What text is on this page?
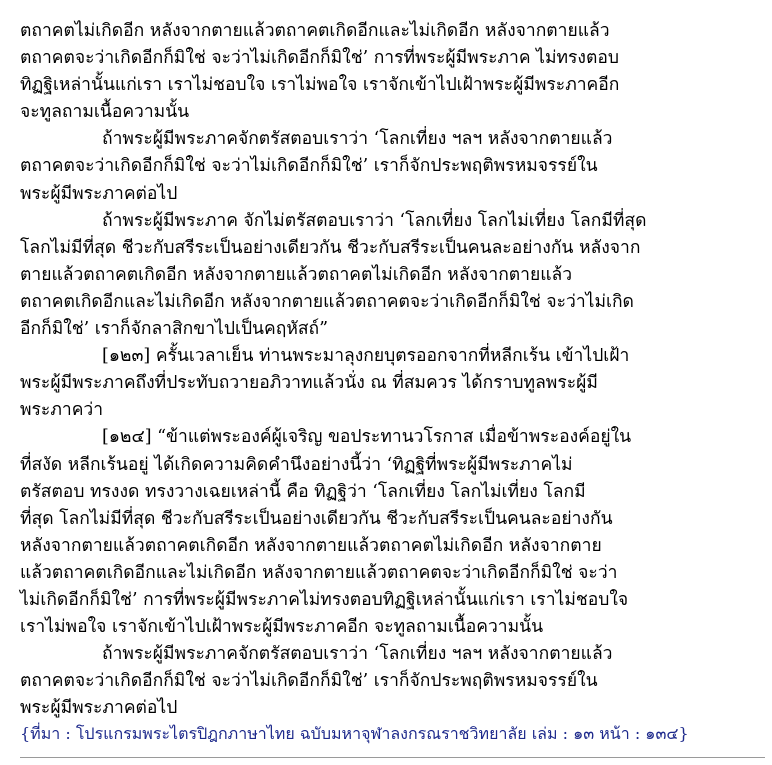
ตถาคตไม่เกิดอีก หลังจากตายแล้วตถาคตเกิดอีกและไม่เกิดอีก หลังจากตายแล้ว
ตถาคตจะว่าเกิดอีกก็มิใช่ จะว่าไม่เกิดอีกก็มิใช่’ การที่พระผู้มีพระภาค ไม่ทรงตอบ
ทิฏฐิเหล่านั้นแก่เรา เราไม่ชอบใจ เราไม่พอใจ เราจักเข้าไปเฝ้าพระผู้มีพระภาคอีก
จะทูลถามเนื้อความนั้น
ถ้าพระผู้มีพระภาคจักตรัสตอบเราว่า ‘โลกเที่ยง ฯลฯ หลังจากตายแล้ว
ตถาคตจะว่าเกิดอีกก็มิใช่ จะว่าไม่เกิดอีกก็มิใช่’ เราก็จักประพฤติพรหมจรรย์ใน
พระผู้มีพระภาคต่อไป
ถ้าพระผู้มีพระภาค จักไม่ตรัสตอบเราว่า ‘โลกเที่ยง โลกไม่เที่ยง โลกมีที่สุด
โลกไม่มีที่สุด ชีวะกับสรีระเป็นอย่างเดียวกัน ชีวะกับสรีระเป็นคนละอย่างกัน หลังจาก
ตายแล้วตถาคตเกิดอีก หลังจากตายแล้วตถาคตไม่เกิดอีก หลังจากตายแล้ว
ตถาคตเกิดอีกและไม่เกิดอีก หลังจากตายแล้วตถาคตจะว่าเกิดอีกก็มิใช่ จะว่าไม่เกิด
อีกก็มิใช่’ เราก็จักลาสิกขาไปเป็นคฤหัสถ์”
[๑๒๓] ครั้นเวลาเย็น ท่านพระมาลุงกยบุตรออกจากที่หลีกเร้น เข้าไปเฝ้า
พระผู้มีพระภาคถึงที่ประทับถวายอภิวาทแล้วนั่ง ณ ที่สมควร ได้กราบทูลพระผู้มี
พระภาคว่า
[๑๒๔] “ข้าแต่พระองค์ผู้เจริญ ขอประทานวโรกาส เมื่อข้าพระองค์อยู่ใน
ที่สงัด หลีกเร้นอยู่ ได้เกิดความคิดคำนึงอย่างนี้ว่า ‘ทิฏฐิที่พระผู้มีพระภาคไม่
ตรัสตอบ ทรงงด ทรงวางเฉยเหล่านี้ คือ ทิฏฐิว่า ‘โลกเที่ยง โลกไม่เที่ยง โลกมี
ที่สุด โลกไม่มีที่สุด ชีวะกับสรีระเป็นอย่างเดียวกัน ชีวะกับสรีระเป็นคนละอย่างกัน
หลังจากตายแล้วตถาคตเกิดอีก หลังจากตายแล้วตถาคตไม่เกิดอีก หลังจากตาย
แล้วตถาคตเกิดอีกและไม่เกิดอีก หลังจากตายแล้วตถาคตจะว่าเกิดอีกก็มิใช่ จะว่า
ไม่เกิดอีกก็มิใช่’ การที่พระผู้มีพระภาคไม่ทรงตอบทิฏฐิเหล่านั้นแก่เรา เราไม่ชอบใจ
เราไม่พอใจ เราจักเข้าไปเฝ้าพระผู้มีพระภาคอีก จะทูลถามเนื้อความนั้น
ถ้าพระผู้มีพระภาคจักตรัสตอบเราว่า ‘โลกเที่ยง ฯลฯ หลังจากตายแล้ว
ตถาคตจะว่าเกิดอีกก็มิใช่ จะว่าไม่เกิดอีกก็มิใช่’ เราก็จักประพฤติพรหมจรรย์ใน
พระผู้มีพระภาคต่อไป
{ที่มา : โปรแกรมพระไตรปิฎกภาษาไทย ฉบับมหาจุฬาลงกรณราชวิทยาลัย เล่ม : ๑๓ หน้า : ๑๓๔}
